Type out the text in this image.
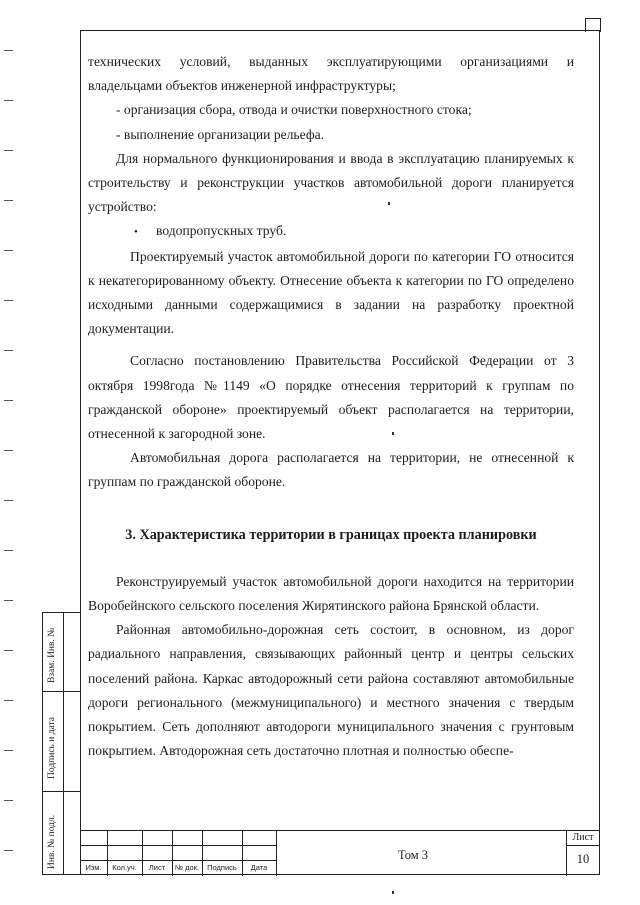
Взам. Инв. №
Подпись и дата
Инв. № подл.

технических условий, выданных эксплуатирующими организациями и владельцами объектов инженерной инфраструктуры;

- организация сбора, отвода и очистки поверхностного стока;

- выполнение организации рельефа.

Для нормального функционирования и ввода в эксплуатацию планируемых к строительству и реконструкции участков автомобильной дороги планируется устройство:

• водопропускных труб.

Проектируемый участок автомобильной дороги по категории ГО относится к некатегорированному объекту. Отнесение объекта к категории по ГО определено исходными данными содержащимися в задании на разработку проектной документации.

Согласно постановлению Правительства Российской Федерации от 3 октября 1998года №1149 «О порядке отнесения территорий к группам по гражданской обороне» проектируемый объект располагается на территории, отнесенной к загородной зоне.

Автомобильная дорога располагается на территории, не отнесенной к группам по гражданской обороне.

3. Характеристика территории в границах проекта планировки

Реконструируемый участок автомобильной дороги находится на территории Воробейнского сельского поселения Жирятинского района Брянской области.

Районная автомобильно-дорожная сеть состоит, в основном, из дорог радиального направления, связывающих районный центр и центры сельских поселений района. Каркас автодорожный сети района составляют автомобильные дороги регионального (межмуниципального) и местного значения с твердым покрытием. Сеть дополняют автодороги муниципального значения с грунтовым покрытием. Автодорожная сеть достаточно плотная и полностью обеспе-

Изм.	Кол.уч.	Лист	№ док.	Подпись	Дата
Том 3
Лист
10
